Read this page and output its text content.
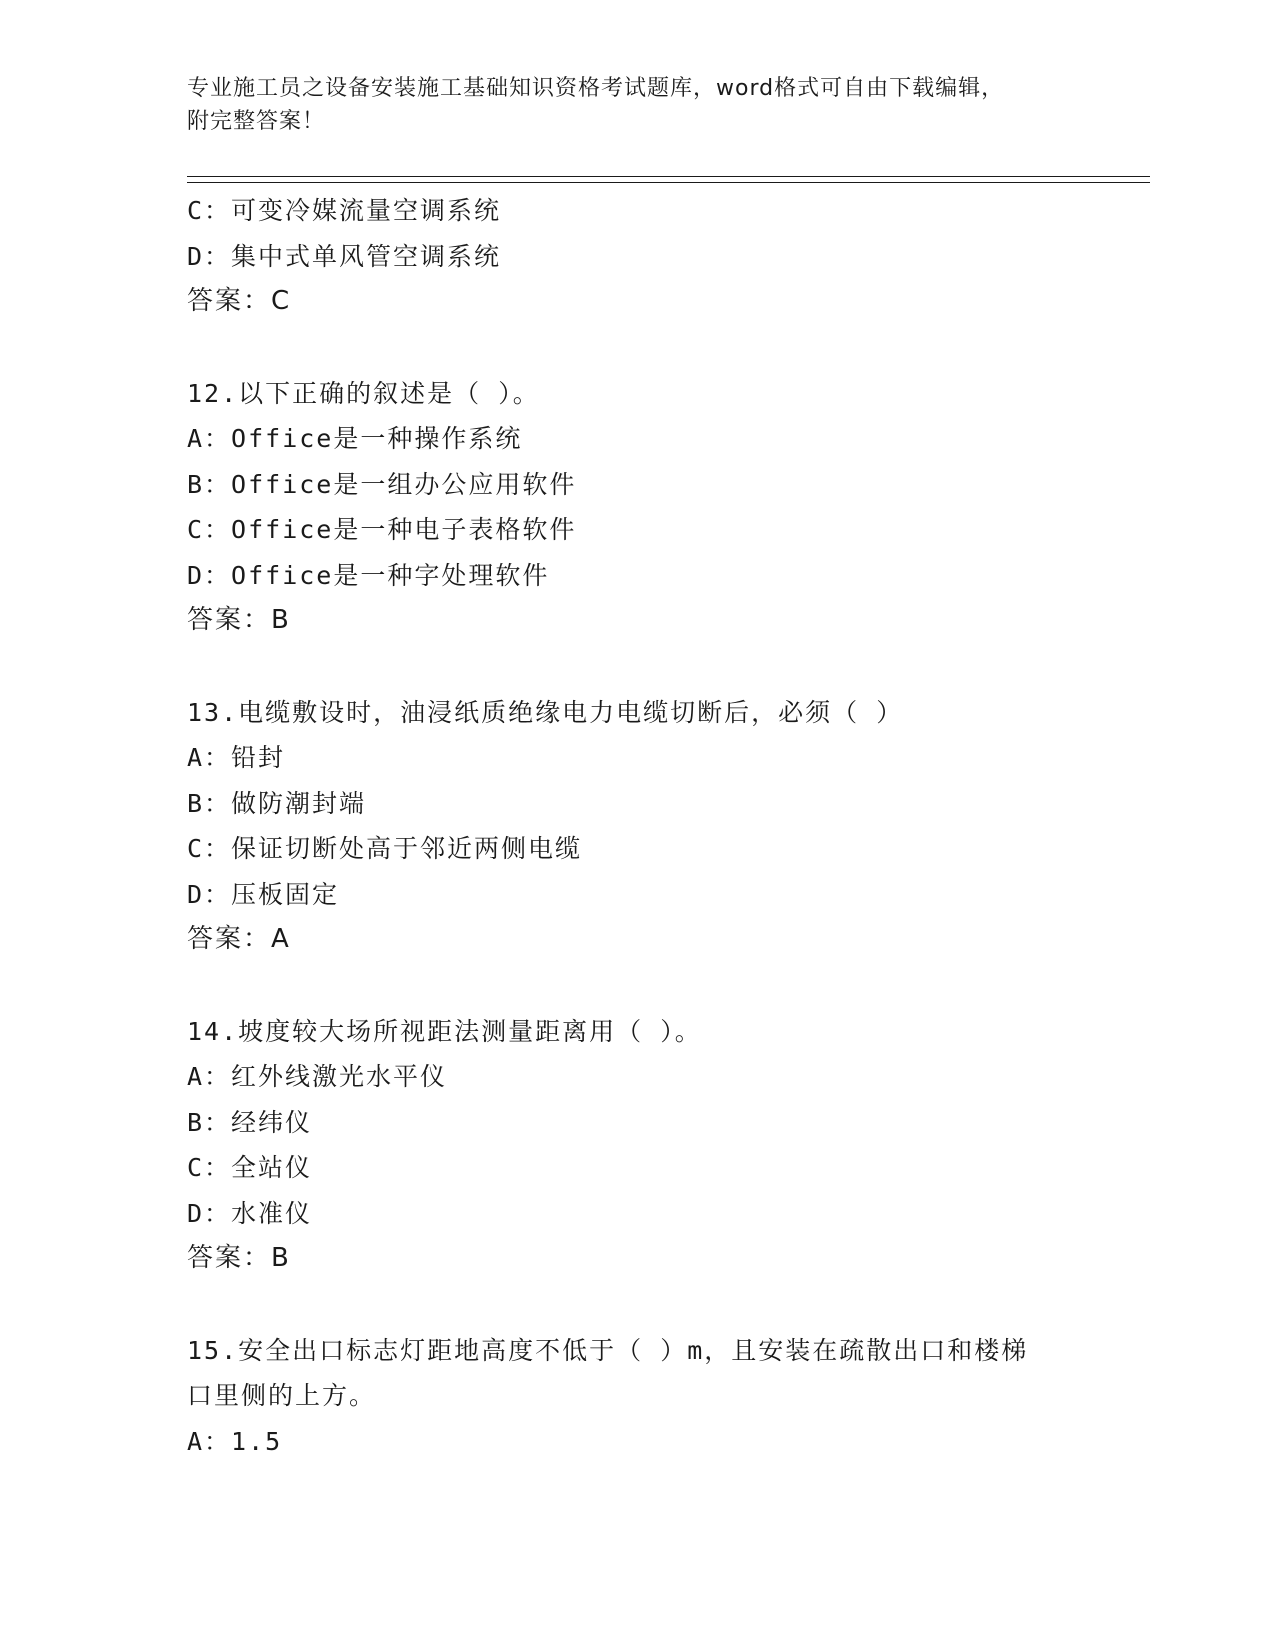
专业施工员之设备安装施工基础知识资格考试题库，word格式可自由下载编辑，
附完整答案！
C：可变冷媒流量空调系统
D：集中式单风管空调系统
答案：C
12.以下正确的叙述是（ ）。
A：Office是一种操作系统
B：Office是一组办公应用软件
C：Office是一种电子表格软件
D：Office是一种字处理软件
答案：B
13.电缆敷设时，油浸纸质绝缘电力电缆切断后，必须（ ）
A：铅封
B：做防潮封端
C：保证切断处高于邻近两侧电缆
D：压板固定
答案：A
14.坡度较大场所视距法测量距离用（ ）。
A：红外线激光水平仪
B：经纬仪
C：全站仪
D：水准仪
答案：B
15.安全出口标志灯距地高度不低于（ ）m，且安装在疏散出口和楼梯
口里侧的上方。
A：1.5
